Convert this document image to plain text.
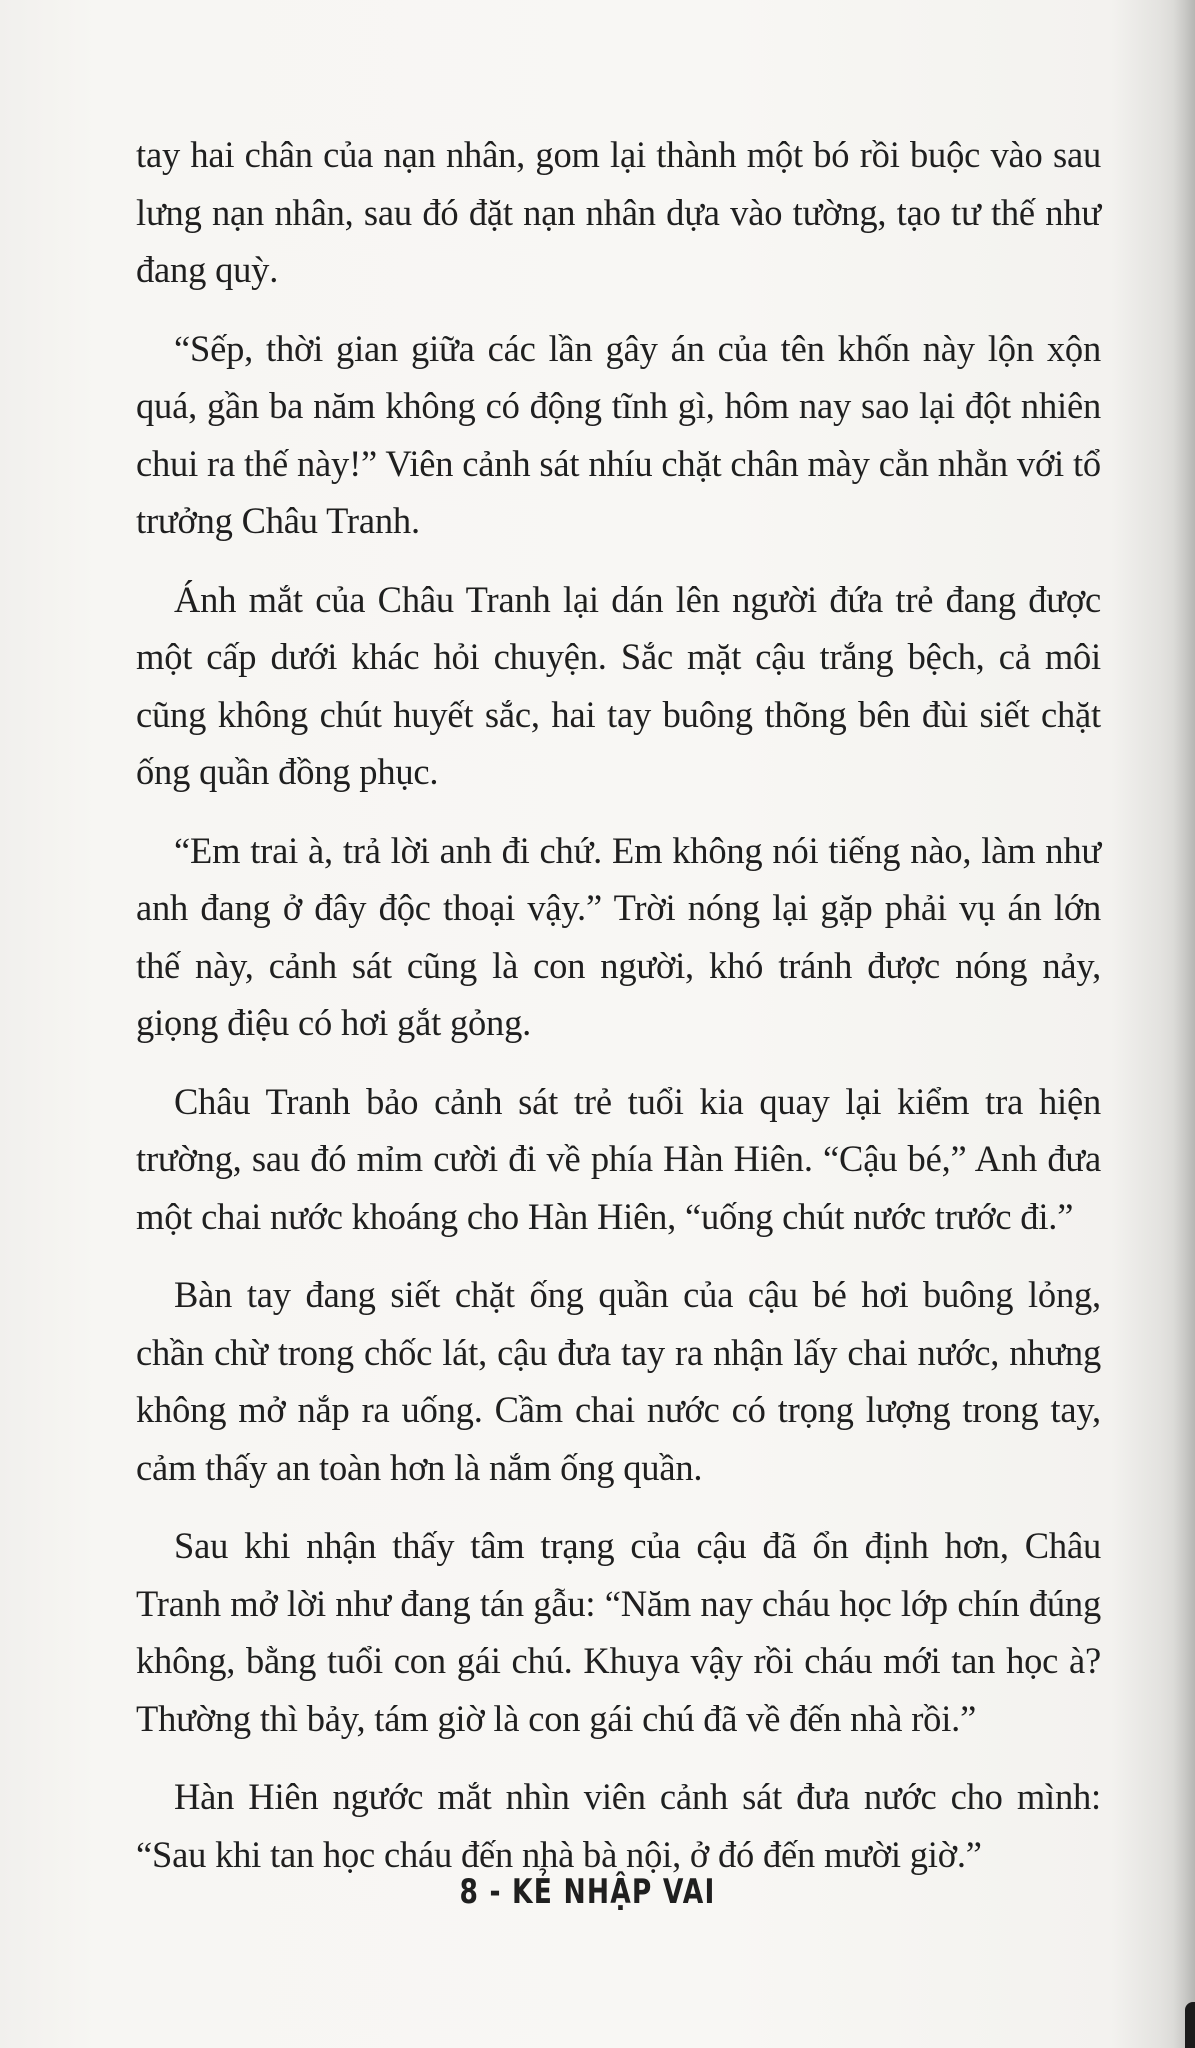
tay hai chân của nạn nhân, gom lại thành một bó rồi buộc vào sau lưng nạn nhân, sau đó đặt nạn nhân dựa vào tường, tạo tư thế như đang quỳ.

“Sếp, thời gian giữa các lần gây án của tên khốn này lộn xộn quá, gần ba năm không có động tĩnh gì, hôm nay sao lại đột nhiên chui ra thế này!” Viên cảnh sát nhíu chặt chân mày cằn nhằn với tổ trưởng Châu Tranh.

Ánh mắt của Châu Tranh lại dán lên người đứa trẻ đang được một cấp dưới khác hỏi chuyện. Sắc mặt cậu trắng bệch, cả môi cũng không chút huyết sắc, hai tay buông thõng bên đùi siết chặt ống quần đồng phục.

“Em trai à, trả lời anh đi chứ. Em không nói tiếng nào, làm như anh đang ở đây độc thoại vậy.” Trời nóng lại gặp phải vụ án lớn thế này, cảnh sát cũng là con người, khó tránh được nóng nảy, giọng điệu có hơi gắt gỏng.

Châu Tranh bảo cảnh sát trẻ tuổi kia quay lại kiểm tra hiện trường, sau đó mỉm cười đi về phía Hàn Hiên. “Cậu bé,” Anh đưa một chai nước khoáng cho Hàn Hiên, “uống chút nước trước đi.”

Bàn tay đang siết chặt ống quần của cậu bé hơi buông lỏng, chần chừ trong chốc lát, cậu đưa tay ra nhận lấy chai nước, nhưng không mở nắp ra uống. Cầm chai nước có trọng lượng trong tay, cảm thấy an toàn hơn là nắm ống quần.

Sau khi nhận thấy tâm trạng của cậu đã ổn định hơn, Châu Tranh mở lời như đang tán gẫu: “Năm nay cháu học lớp chín đúng không, bằng tuổi con gái chú. Khuya vậy rồi cháu mới tan học à? Thường thì bảy, tám giờ là con gái chú đã về đến nhà rồi.”

Hàn Hiên ngước mắt nhìn viên cảnh sát đưa nước cho mình: “Sau khi tan học cháu đến nhà bà nội, ở đó đến mười giờ.”

8 - KẺ NHẬP VAI
